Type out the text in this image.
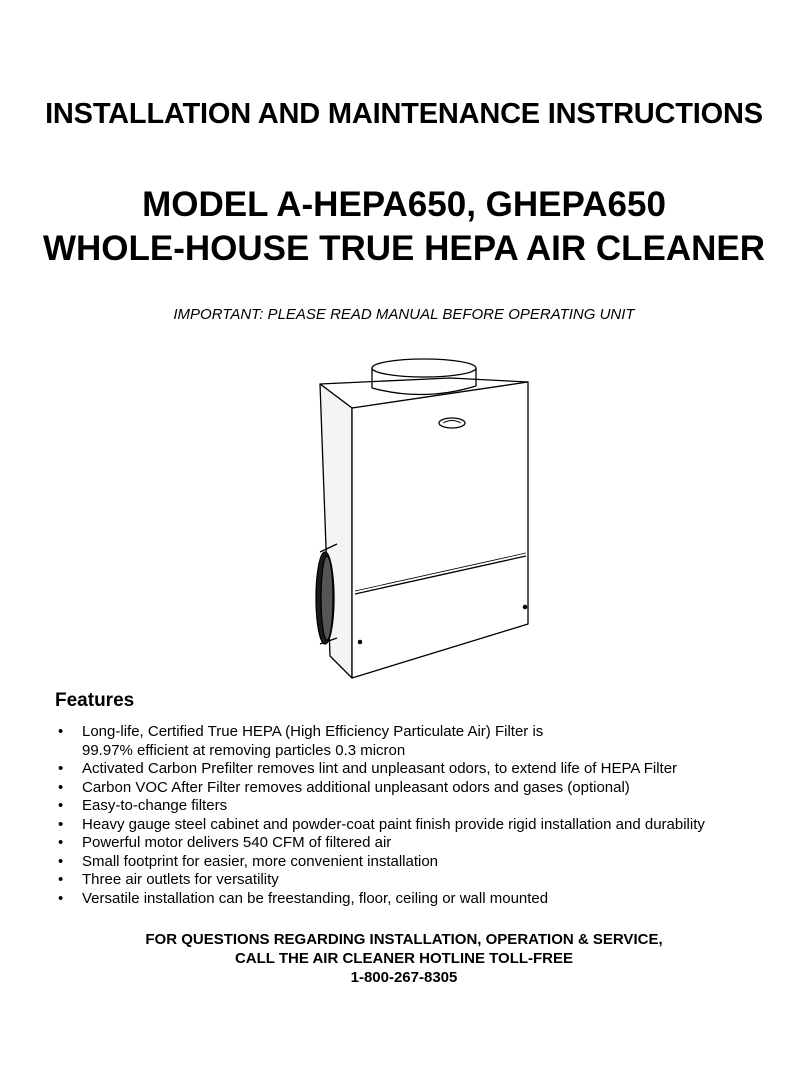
INSTALLATION AND MAINTENANCE INSTRUCTIONS
MODEL A-HEPA650, GHEPA650
WHOLE-HOUSE TRUE HEPA AIR CLEANER
IMPORTANT: PLEASE READ MANUAL BEFORE OPERATING UNIT
Features
• Long-life, Certified True HEPA (High Efficiency Particulate Air) Filter is
99.97% efficient at removing particles 0.3 micron
• Activated Carbon Prefilter removes lint and unpleasant odors, to extend life of HEPA Filter
• Carbon VOC After Filter removes additional unpleasant odors and gases (optional)
• Easy-to-change filters
• Heavy gauge steel cabinet and powder-coat paint finish provide rigid installation and durability
• Powerful motor delivers 540 CFM of filtered air
• Small footprint for easier, more convenient installation
• Three air outlets for versatility
• Versatile installation can be freestanding, floor, ceiling or wall mounted
FOR QUESTIONS REGARDING INSTALLATION, OPERATION & SERVICE,
CALL THE AIR CLEANER HOTLINE TOLL-FREE
1-800-267-8305
